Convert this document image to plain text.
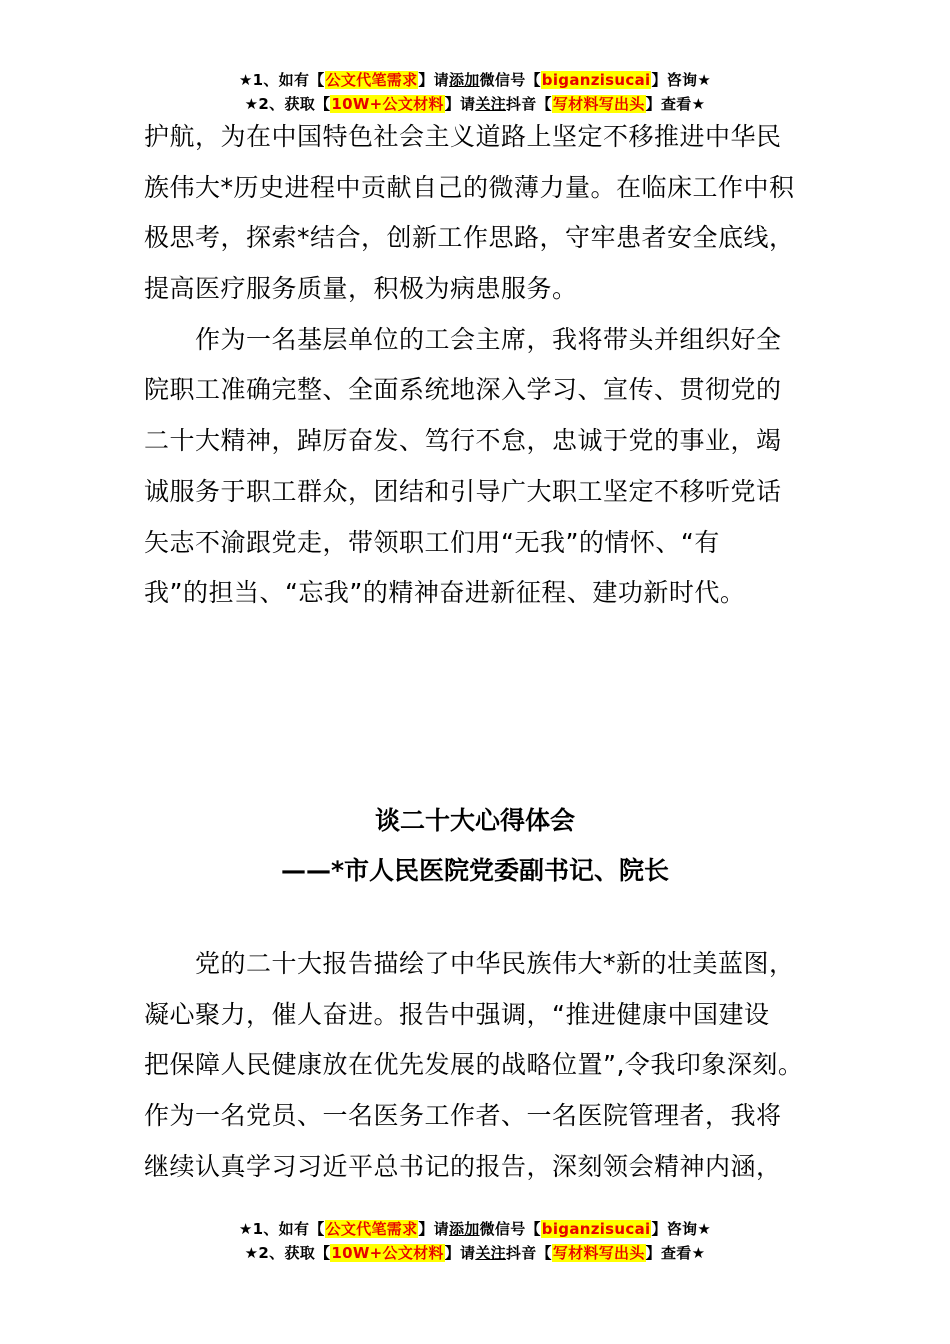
★1、如有【公文代笔需求】请添加微信号【biganzisucai】咨询★
★2、获取【10W+公文材料】请关注抖音【写材料写出头】查看★
护航，为在中国特色社会主义道路上坚定不移推进中华民
族伟大*历史进程中贡献自己的微薄力量。在临床工作中积
极思考，探索*结合，创新工作思路，守牢患者安全底线，
提高医疗服务质量，积极为病患服务。
　　作为一名基层单位的工会主席，我将带头并组织好全
院职工准确完整、全面系统地深入学习、宣传、贯彻党的
二十大精神，踔厉奋发、笃行不怠，忠诚于党的事业，竭
诚服务于职工群众，团结和引导广大职工坚定不移听党话
矢志不渝跟党走，带领职工们用“无我”的情怀、“有
我”的担当、“忘我”的精神奋进新征程、建功新时代。
谈二十大心得体会
——*市人民医院党委副书记、院长
　　党的二十大报告描绘了中华民族伟大*新的壮美蓝图，
凝心聚力，催人奋进。报告中强调，“推进健康中国建设
把保障人民健康放在优先发展的战略位置”,令我印象深刻。
作为一名党员、一名医务工作者、一名医院管理者，我将
继续认真学习习近平总书记的报告，深刻领会精神内涵，
★1、如有【公文代笔需求】请添加微信号【biganzisucai】咨询★
★2、获取【10W+公文材料】请关注抖音【写材料写出头】查看★
